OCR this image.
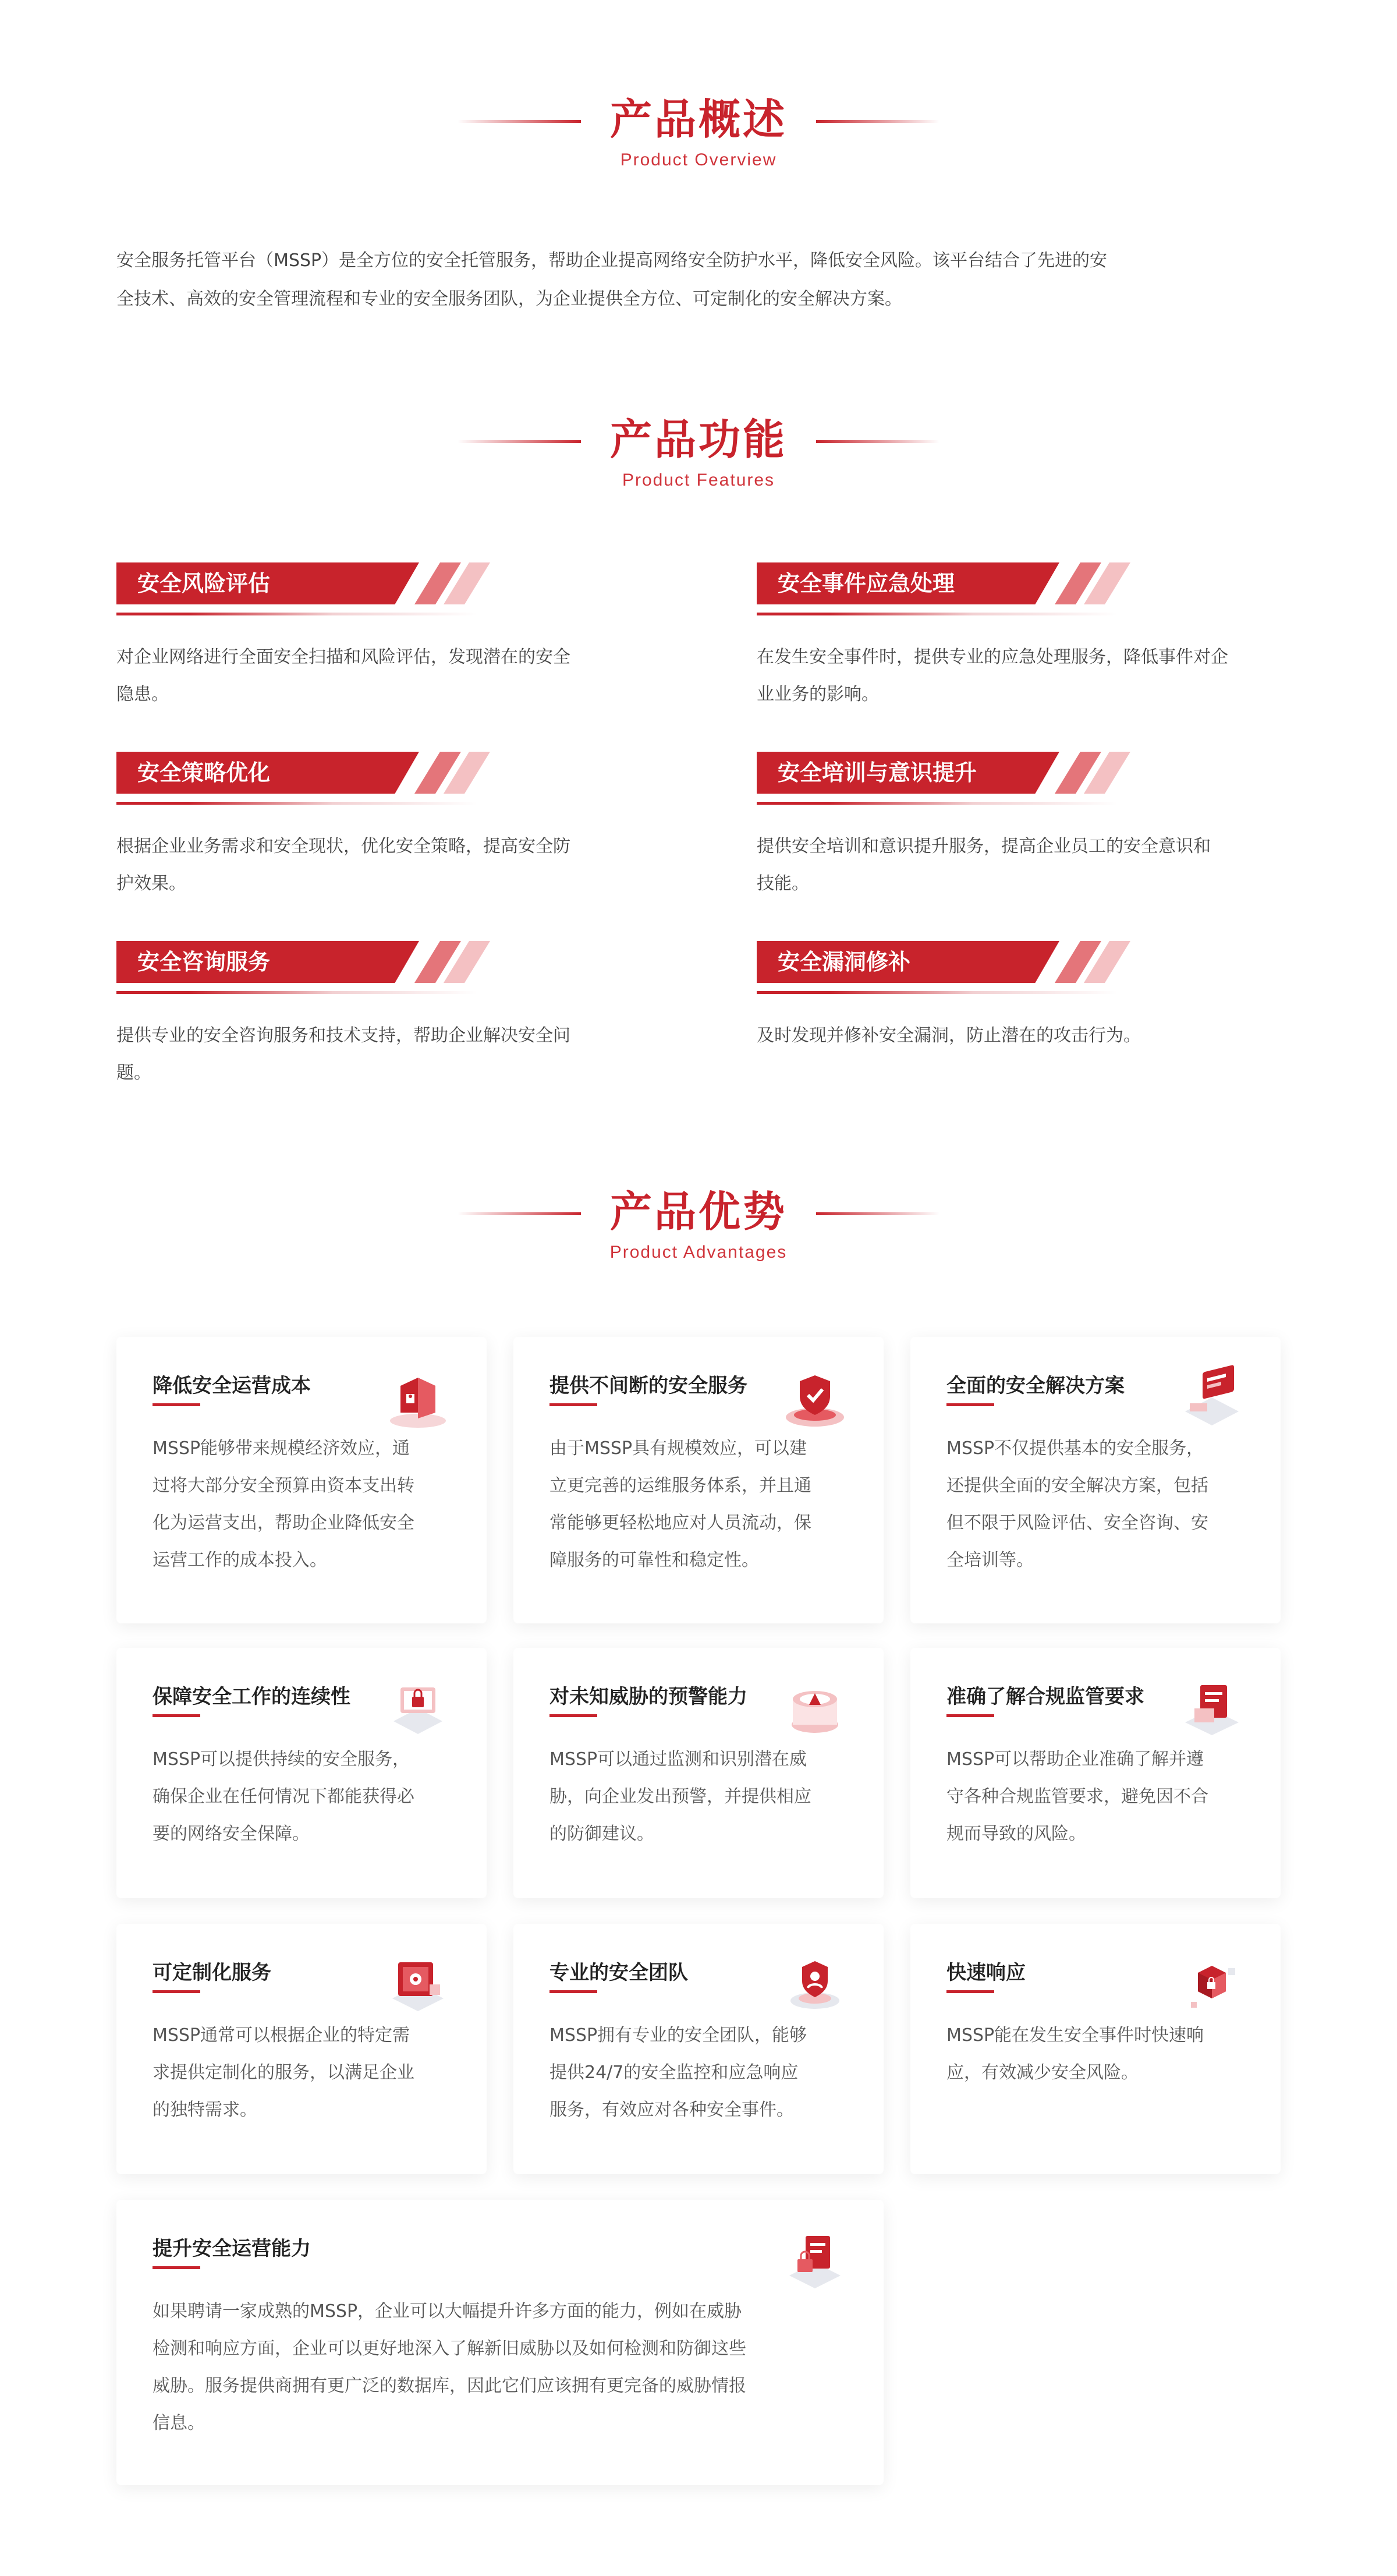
产品概述
Product Overview
安全服务托管平台（MSSP）是全方位的安全托管服务，帮助企业提高网络安全防护水平，降低安全风险。该平台结合了先进的安
全技术、高效的安全管理流程和专业的安全服务团队，为企业提供全方位、可定制化的安全解决方案。
产品功能
Product Features
安全风险评估
对企业网络进行全面安全扫描和风险评估，发现潜在的安全
隐患。
安全事件应急处理
在发生安全事件时，提供专业的应急处理服务，降低事件对企
业业务的影响。
安全策略优化
根据企业业务需求和安全现状，优化安全策略，提高安全防
护效果。
安全培训与意识提升
提供安全培训和意识提升服务，提高企业员工的安全意识和
技能。
安全咨询服务
提供专业的安全咨询服务和技术支持，帮助企业解决安全问
题。
安全漏洞修补
及时发现并修补安全漏洞，防止潜在的攻击行为。
产品优势
Product Advantages
降低安全运营成本
MSSP能够带来规模经济效应，通
过将大部分安全预算由资本支出转
化为运营支出，帮助企业降低安全
运营工作的成本投入。
提供不间断的安全服务
由于MSSP具有规模效应，可以建
立更完善的运维服务体系，并且通
常能够更轻松地应对人员流动，保
障服务的可靠性和稳定性。
全面的安全解决方案
MSSP不仅提供基本的安全服务，
还提供全面的安全解决方案，包括
但不限于风险评估、安全咨询、安
全培训等。
保障安全工作的连续性
MSSP可以提供持续的安全服务，
确保企业在任何情况下都能获得必
要的网络安全保障。
对未知威胁的预警能力
MSSP可以通过监测和识别潜在威
胁，向企业发出预警，并提供相应
的防御建议。
准确了解合规监管要求
MSSP可以帮助企业准确了解并遵
守各种合规监管要求，避免因不合
规而导致的风险。
可定制化服务
MSSP通常可以根据企业的特定需
求提供定制化的服务，以满足企业
的独特需求。
专业的安全团队
MSSP拥有专业的安全团队，能够
提供24/7的安全监控和应急响应
服务，有效应对各种安全事件。
快速响应
MSSP能在发生安全事件时快速响
应，有效减少安全风险。
提升安全运营能力
如果聘请一家成熟的MSSP，企业可以大幅提升许多方面的能力，例如在威胁
检测和响应方面，企业可以更好地深入了解新旧威胁以及如何检测和防御这些
威胁。服务提供商拥有更广泛的数据库，因此它们应该拥有更完备的威胁情报
信息。
